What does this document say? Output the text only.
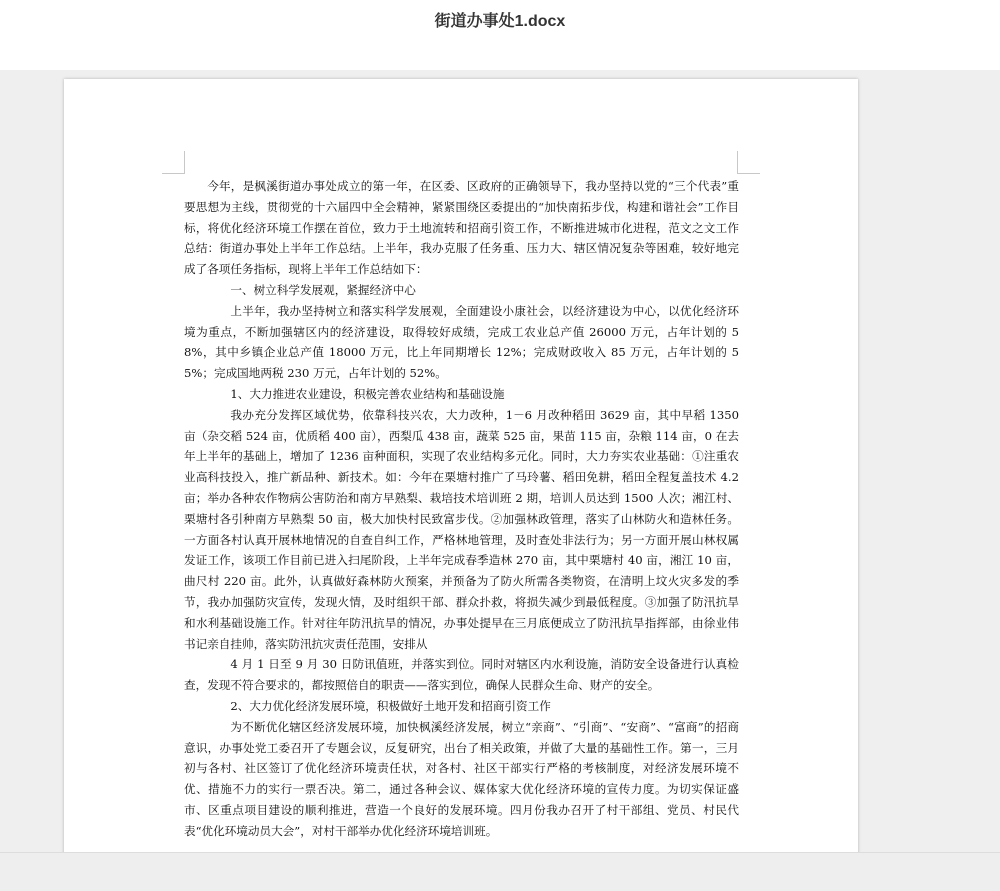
街道办事处1.docx

今年，是枫溪街道办事处成立的第一年，在区委、区政府的正确领导下，我办坚持以党的“三个代表”重要思想为主线，贯彻党的十六届四中全会精神，紧紧围绕区委提出的“加快南拓步伐，构建和谐社会”工作目标，将优化经济环境工作摆在首位，致力于土地流转和招商引资工作，不断推进城市化进程，范文之文工作总结：街道办事处上半年工作总结。上半年，我办克服了任务重、压力大、辖区情况复杂等困难，较好地完成了各项任务指标，现将上半年工作总结如下：

一、树立科学发展观，紧握经济中心

上半年，我办坚持树立和落实科学发展观，全面建设小康社会，以经济建设为中心，以优化经济环境为重点，不断加强辖区内的经济建设，取得较好成绩，完成工农业总产值 26000 万元，占年计划的 58%，其中乡镇企业总产值 18000 万元，比上年同期增长 12%；完成财政收入 85 万元，占年计划的 55%；完成国地两税 230 万元，占年计划的 52%。

1、大力推进农业建设，积极完善农业结构和基础设施

我办充分发挥区域优势，依靠科技兴农，大力改种，1－6 月改种稻田 3629 亩，其中早稻 1350 亩（杂交稻 524 亩，优质稻 400 亩），西梨瓜 438 亩，蔬菜 525 亩，果苗 115 亩，杂粮 114 亩，0 在去年上半年的基础上，增加了 1236 亩种面积，实现了农业结构多元化。同时，大力夯实农业基础：①注重农业高科技投入，推广新品种、新技术。如：今年在栗塘村推广了马玲薯、稻田免耕，稻田全程复盖技术 4.2 亩；举办各种农作物病公害防治和南方早熟梨、栽培技术培训班 2 期，培训人员达到 1500 人次；湘江村、栗塘村各引种南方早熟梨 50 亩，极大加快村民致富步伐。②加强林政管理，落实了山林防火和造林任务。一方面各村认真开展林地情况的自查自纠工作，严格林地管理，及时查处非法行为；另一方面开展山林权属发证工作，该项工作目前已进入扫尾阶段，上半年完成春季造林 270 亩，其中栗塘村 40 亩，湘江 10 亩，曲尺村 220 亩。此外，认真做好森林防火预案，并预备为了防火所需各类物资，在清明上坟火灾多发的季节，我办加强防灾宣传，发现火情，及时组织干部、群众扑救，将损失减少到最低程度。③加强了防汛抗旱和水利基础设施工作。针对往年防汛抗旱的情况，办事处提早在三月底便成立了防汛抗旱指挥部，由徐业伟书记亲自挂帅，落实防汛抗灾责任范围，安排从

4 月 1 日至 9 月 30 日防讯值班，并落实到位。同时对辖区内水利设施，消防安全设备进行认真检查，发现不符合要求的，都按照倍自的职责——落实到位，确保人民群众生命、财产的安全。

2、大力优化经济发展环境，积极做好土地开发和招商引资工作

为不断优化辖区经济发展环境，加快枫溪经济发展，树立“亲商”、“引商”、“安商”、“富商”的招商意识，办事处党工委召开了专题会议，反复研究，出台了相关政策，并做了大量的基础性工作。第一，三月初与各村、社区签订了优化经济环境责任状，对各村、社区干部实行严格的考核制度，对经济发展环境不优、措施不力的实行一票否决。第二，通过各种会议、媒体家大优化经济环境的宣传力度。为切实保证盛市、区重点项目建设的顺利推进，营造一个良好的发展环境。四月份我办召开了村干部组、党员、村民代表“优化环境动员大会”，对村干部举办优化经济环境培训班。
